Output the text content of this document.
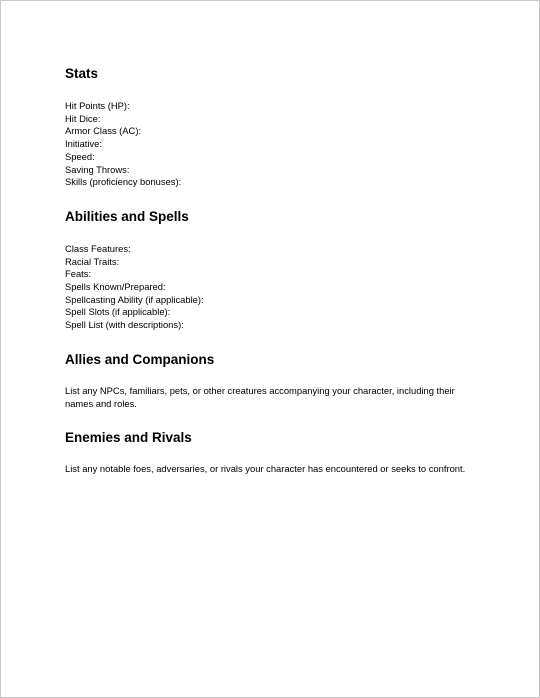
Stats
Hit Points (HP):
Hit Dice:
Armor Class (AC):
Initiative:
Speed:
Saving Throws:
Skills (proficiency bonuses):
Abilities and Spells
Class Features:
Racial Traits:
Feats:
Spells Known/Prepared:
Spellcasting Ability (if applicable):
Spell Slots (if applicable):
Spell List (with descriptions):
Allies and Companions

List any NPCs, familiars, pets, or other creatures accompanying your character, including their names and roles.

Enemies and Rivals

List any notable foes, adversaries, or rivals your character has encountered or seeks to confront.
